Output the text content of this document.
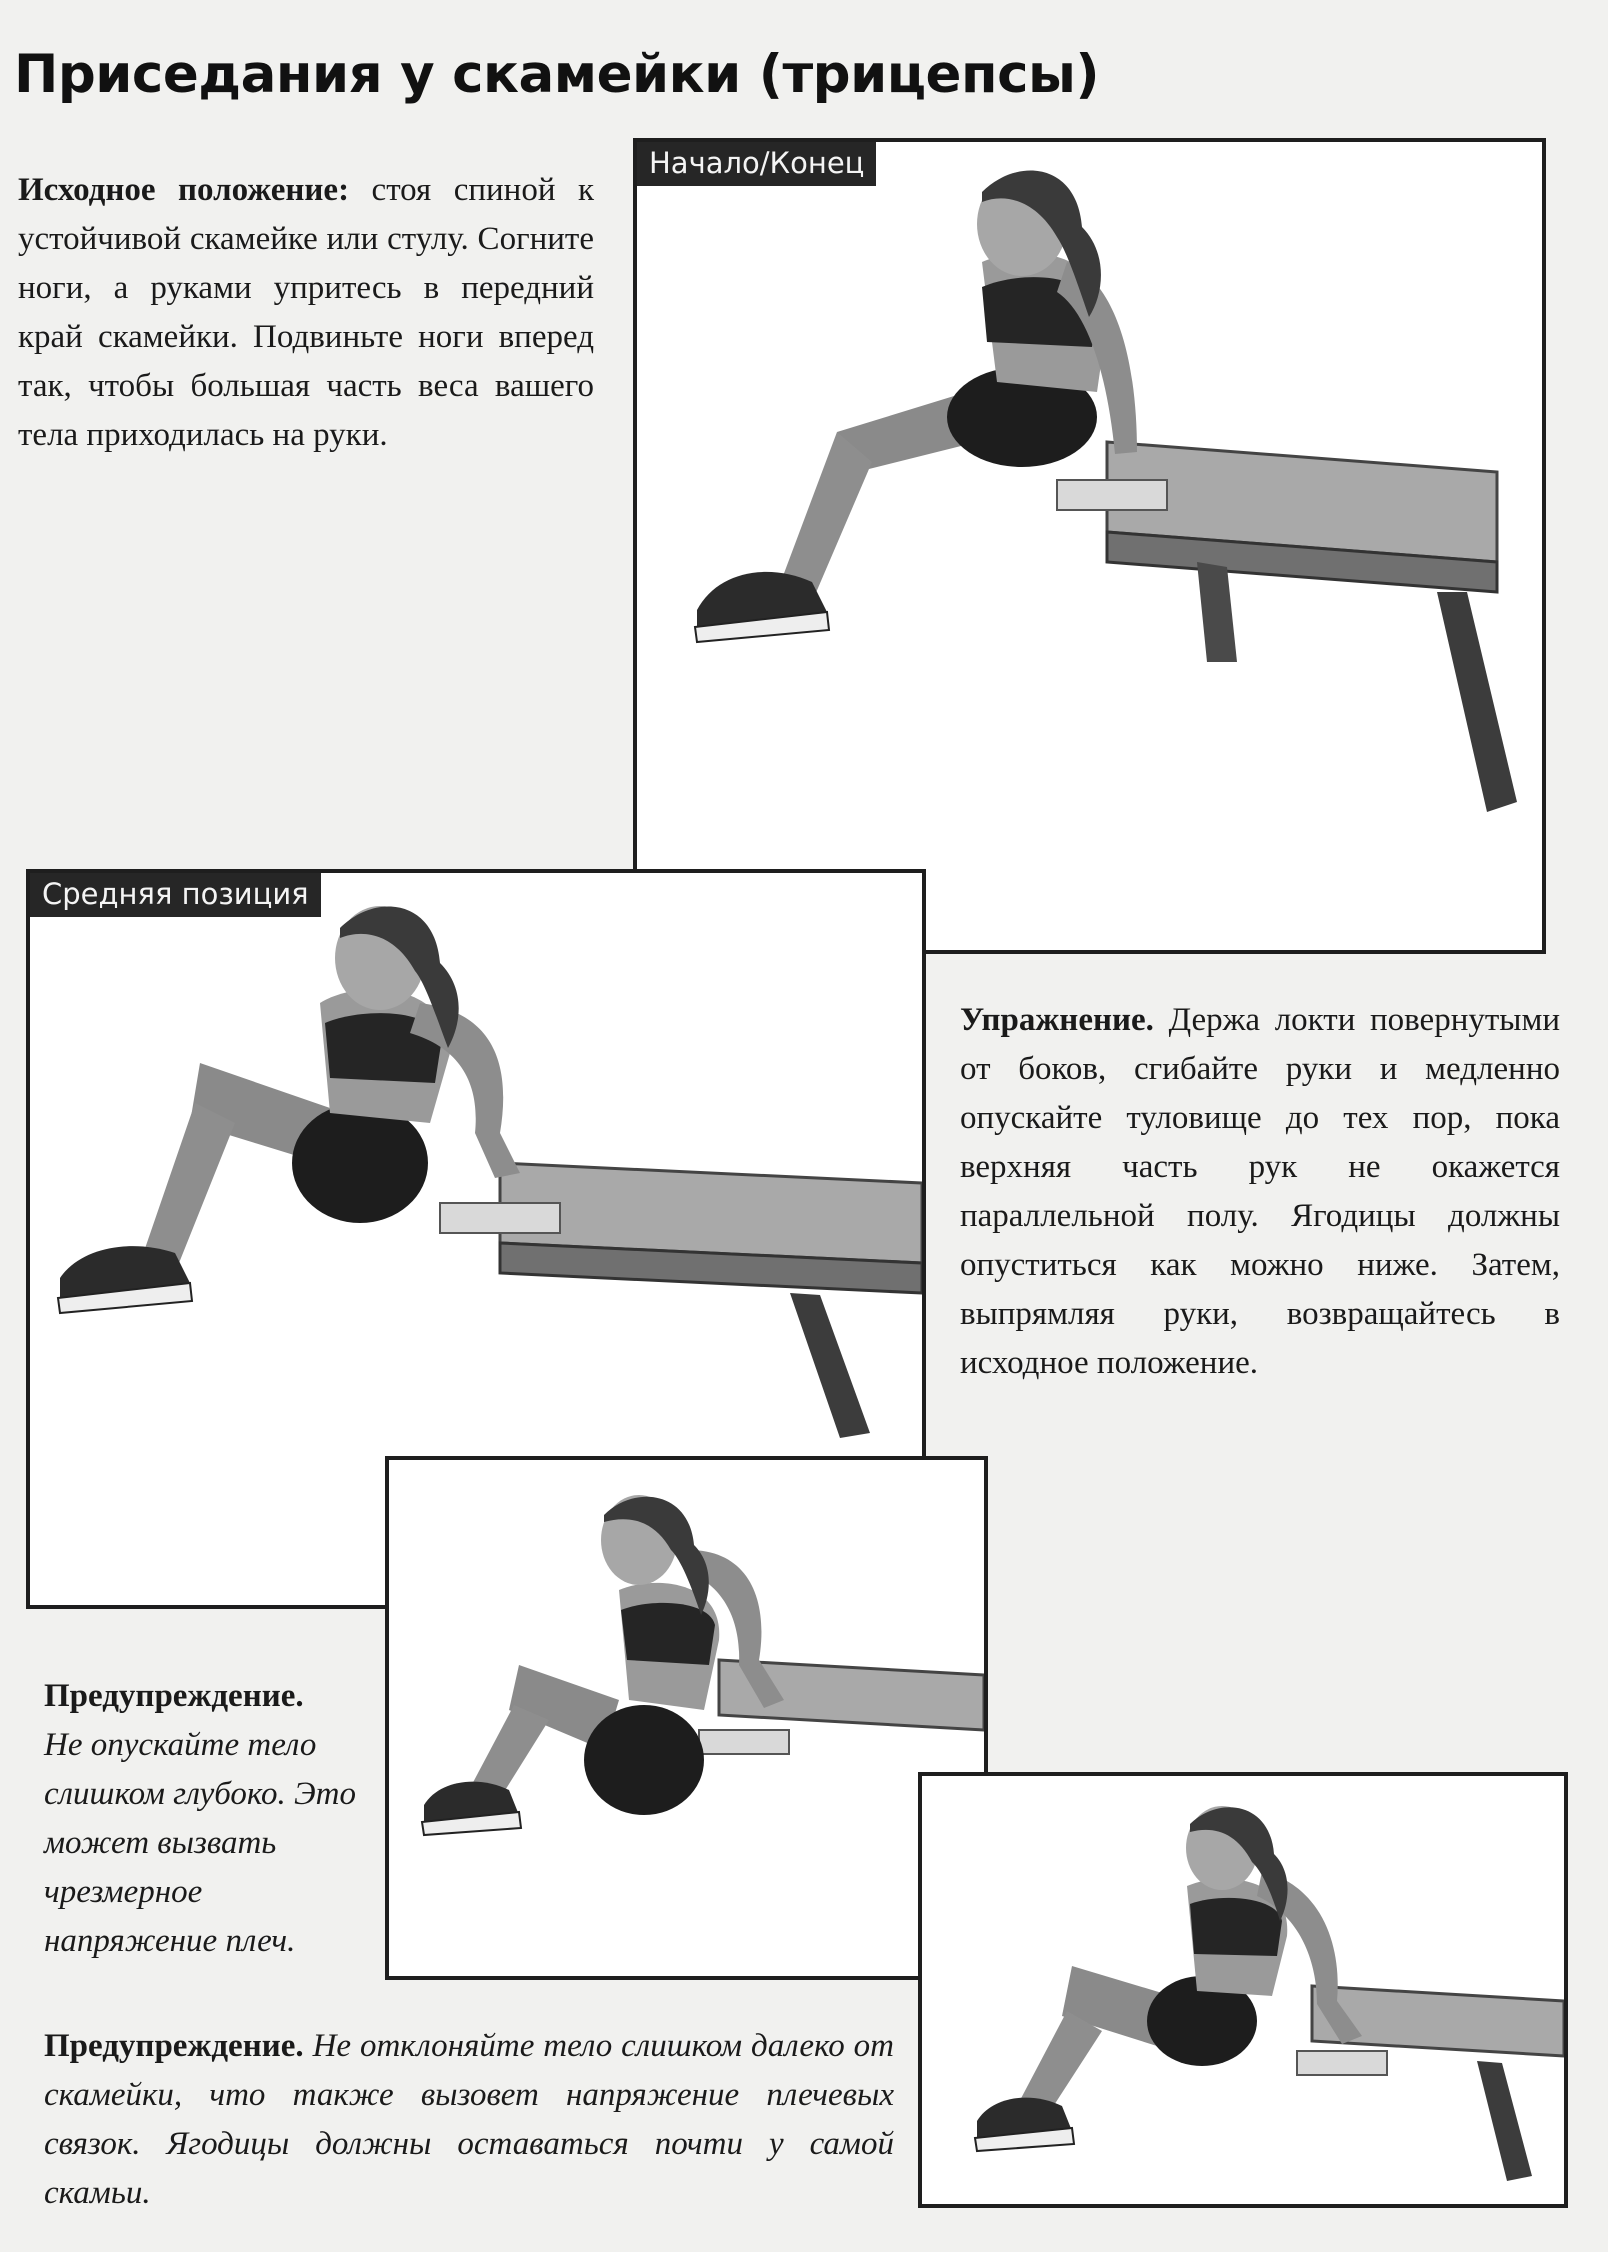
Приседания у скамейки (трицепсы)

Исходное положение: стоя спиной к устойчивой скамейке или стулу. Согните ноги, а руками упритесь в передний край скамейки. Подвиньте ноги вперед так, чтобы большая часть веса вашего тела приходилась на руки.

Начало/Конец
Средняя позиция

Упражнение. Держа локти повернутыми от боков, сгибайте руки и медленно опускайте туловище до тех пор, пока верхняя часть рук не окажется параллельной полу. Ягодицы должны опуститься как можно ниже. Затем, выпрямляя руки, возвращайтесь в исходное положение.

Предупреждение.
Не опускайте тело слишком глубоко. Это может вызвать чрезмерное напряжение плеч.

Предупреждение. Не отклоняйте тело слишком далеко от скамейки, что также вызовет напряжение плечевых связок. Ягодицы должны оставаться почти у самой скамьи.
